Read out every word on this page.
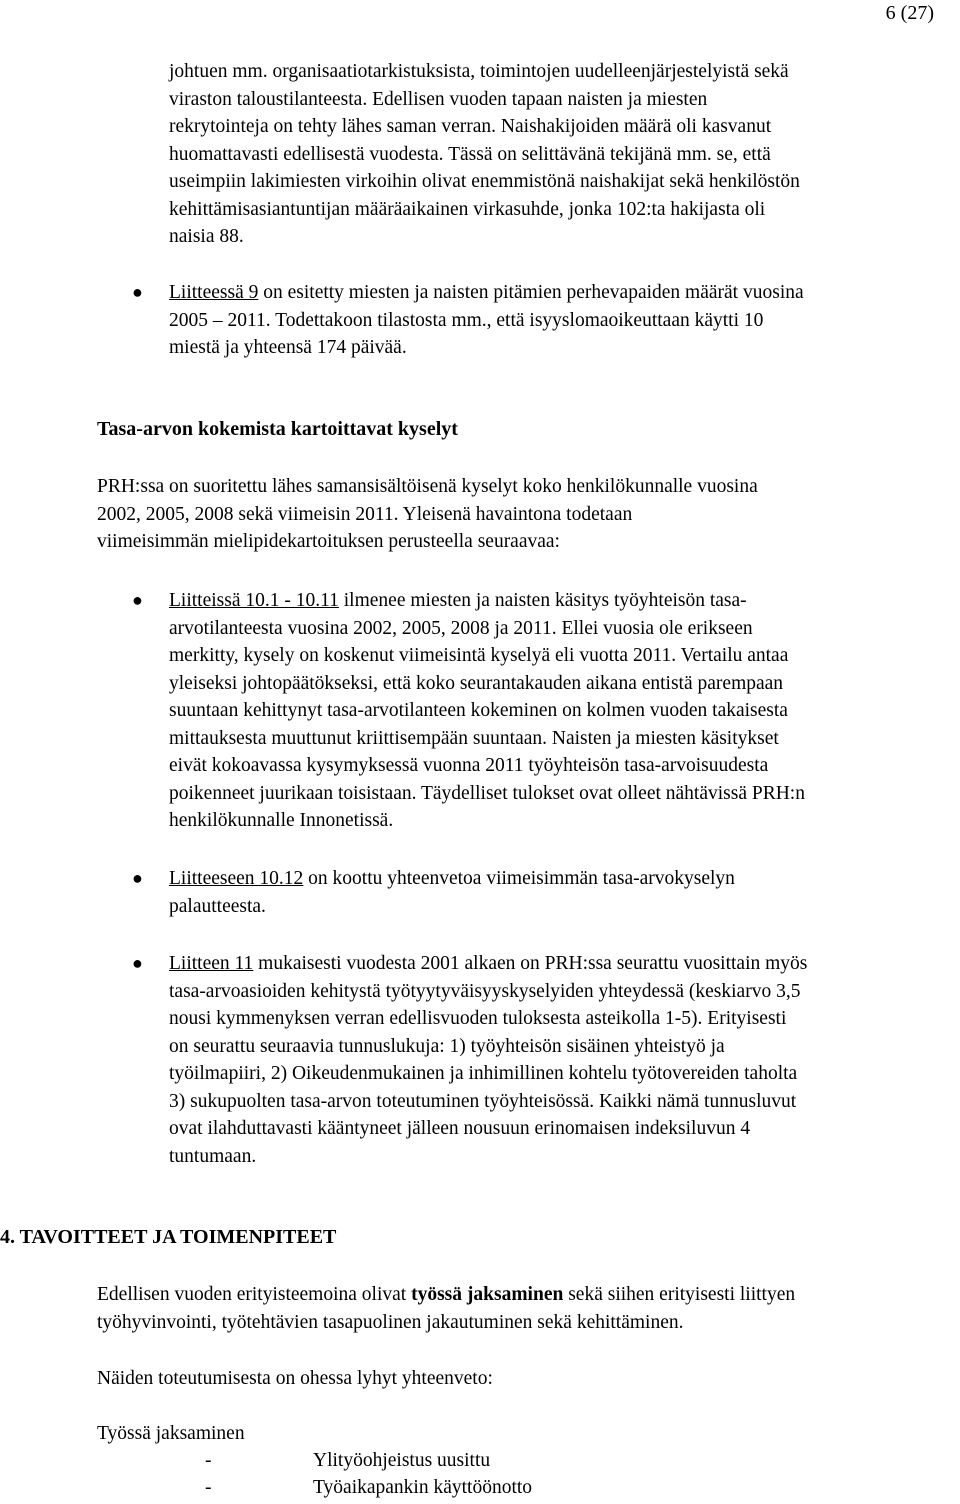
6 (27)
johtuen mm. organisaatiotarkistuksista, toimintojen uudelleenjärjestelyistä sekä
viraston taloustilanteesta. Edellisen vuoden tapaan naisten ja miesten
rekrytointeja on tehty lähes saman verran. Naishakijoiden määrä oli kasvanut
huomattavasti edellisestä vuodesta. Tässä on selittävänä tekijänä mm. se, että
useimpiin lakimiesten virkoihin olivat enemmistönä naishakijat sekä henkilöstön
kehittämisasiantuntijan määräaikainen virkasuhde, jonka 102:ta hakijasta oli
naisia 88.
● Liitteessä 9 on esitetty miesten ja naisten pitämien perhevapaiden määrät vuosina
2005 – 2011. Todettakoon tilastosta mm., että isyyslomaoikeuttaan käytti 10
miestä ja yhteensä 174 päivää.
Tasa-arvon kokemista kartoittavat kyselyt
PRH:ssa on suoritettu lähes samansisältöisenä kyselyt koko henkilökunnalle vuosina
2002, 2005, 2008 sekä viimeisin 2011. Yleisenä havaintona todetaan
viimeisimmän mielipidekartoituksen perusteella seuraavaa:
● Liitteissä 10.1 - 10.11 ilmenee miesten ja naisten käsitys työyhteisön tasa-
arvotilanteesta vuosina 2002, 2005, 2008 ja 2011. Ellei vuosia ole erikseen
merkitty, kysely on koskenut viimeisintä kyselyä eli vuotta 2011. Vertailu antaa
yleiseksi johtopäätökseksi, että koko seurantakauden aikana entistä parempaan
suuntaan kehittynyt tasa-arvotilanteen kokeminen on kolmen vuoden takaisesta
mittauksesta muuttunut kriittisempään suuntaan. Naisten ja miesten käsitykset
eivät kokoavassa kysymyksessä vuonna 2011 työyhteisön tasa-arvoisuudesta
poikenneet juurikaan toisistaan. Täydelliset tulokset ovat olleet nähtävissä PRH:n
henkilökunnalle Innonetissä.
● Liitteeseen 10.12 on koottu yhteenvetoa viimeisimmän tasa-arvokyselyn
palautteesta.
● Liitteen 11 mukaisesti vuodesta 2001 alkaen on PRH:ssa seurattu vuosittain myös
tasa-arvoasioiden kehitystä työtyytyväisyyskyselyiden yhteydessä (keskiarvo 3,5
nousi kymmenyksen verran edellisvuoden tuloksesta asteikolla 1-5). Erityisesti
on seurattu seuraavia tunnuslukuja: 1) työyhteisön sisäinen yhteistyö ja
työilmapiiri, 2) Oikeudenmukainen ja inhimillinen kohtelu työtovereiden taholta
3) sukupuolten tasa-arvon toteutuminen työyhteisössä. Kaikki nämä tunnusluvut
ovat ilahduttavasti kääntyneet jälleen nousuun erinomaisen indeksiluvun 4
tuntumaan.
4. TAVOITTEET JA TOIMENPITEET
Edellisen vuoden erityisteemoina olivat työssä jaksaminen sekä siihen erityisesti liittyen
työhyvinvointi, työtehtävien tasapuolinen jakautuminen sekä kehittäminen.
Näiden toteutumisesta on ohessa lyhyt yhteenveto:
Työssä jaksaminen
-	Ylityöohjeistus uusittu
-	Työaikapankin käyttöönotto
